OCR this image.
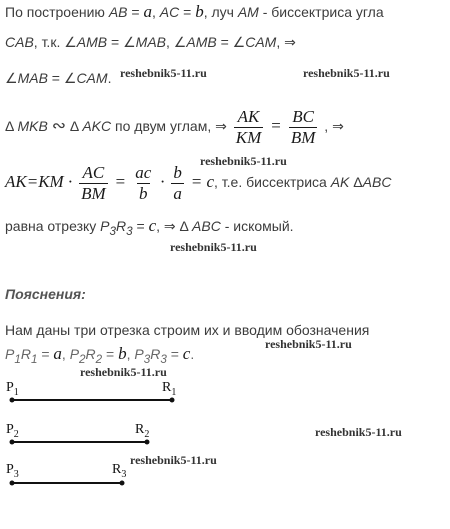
По построению AB = a, AC = b, луч AM - биссектриса угла
CAB, т.к. ∠AMB = ∠MAB, ∠AMB = ∠CAM, ⇒
∠MAB = ∠CAM.
Δ MKB ∾ Δ AKC по двум углам, ⇒ $\frac{AK}{KM} = \frac{BC}{BM}$ , ⇒
$AK=KM \cdot \frac{AC}{BM} = \frac{ac}{b} \cdot \frac{b}{a} = c$, т.е. биссектриса AK ΔABC
равна отрезку $P_3R_3 = c$, ⇒ Δ ABC - искомый.
Пояснения:
Нам даны три отрезка строим их и вводим обозначения
$P_1R_1 = a$, $P_2R_2 = b$, $P_3R_3 = c$.
$P_1$	$R_1$
$P_2$	$R_2$
$P_3$	$R_3$
reshebnik5-11.ru	reshebnik5-11.ru
reshebnik5-11.ru
reshebnik5-11.ru
reshebnik5-11.ru
reshebnik5-11.ru
reshebnik5-11.ru
reshebnik5-11.ru
